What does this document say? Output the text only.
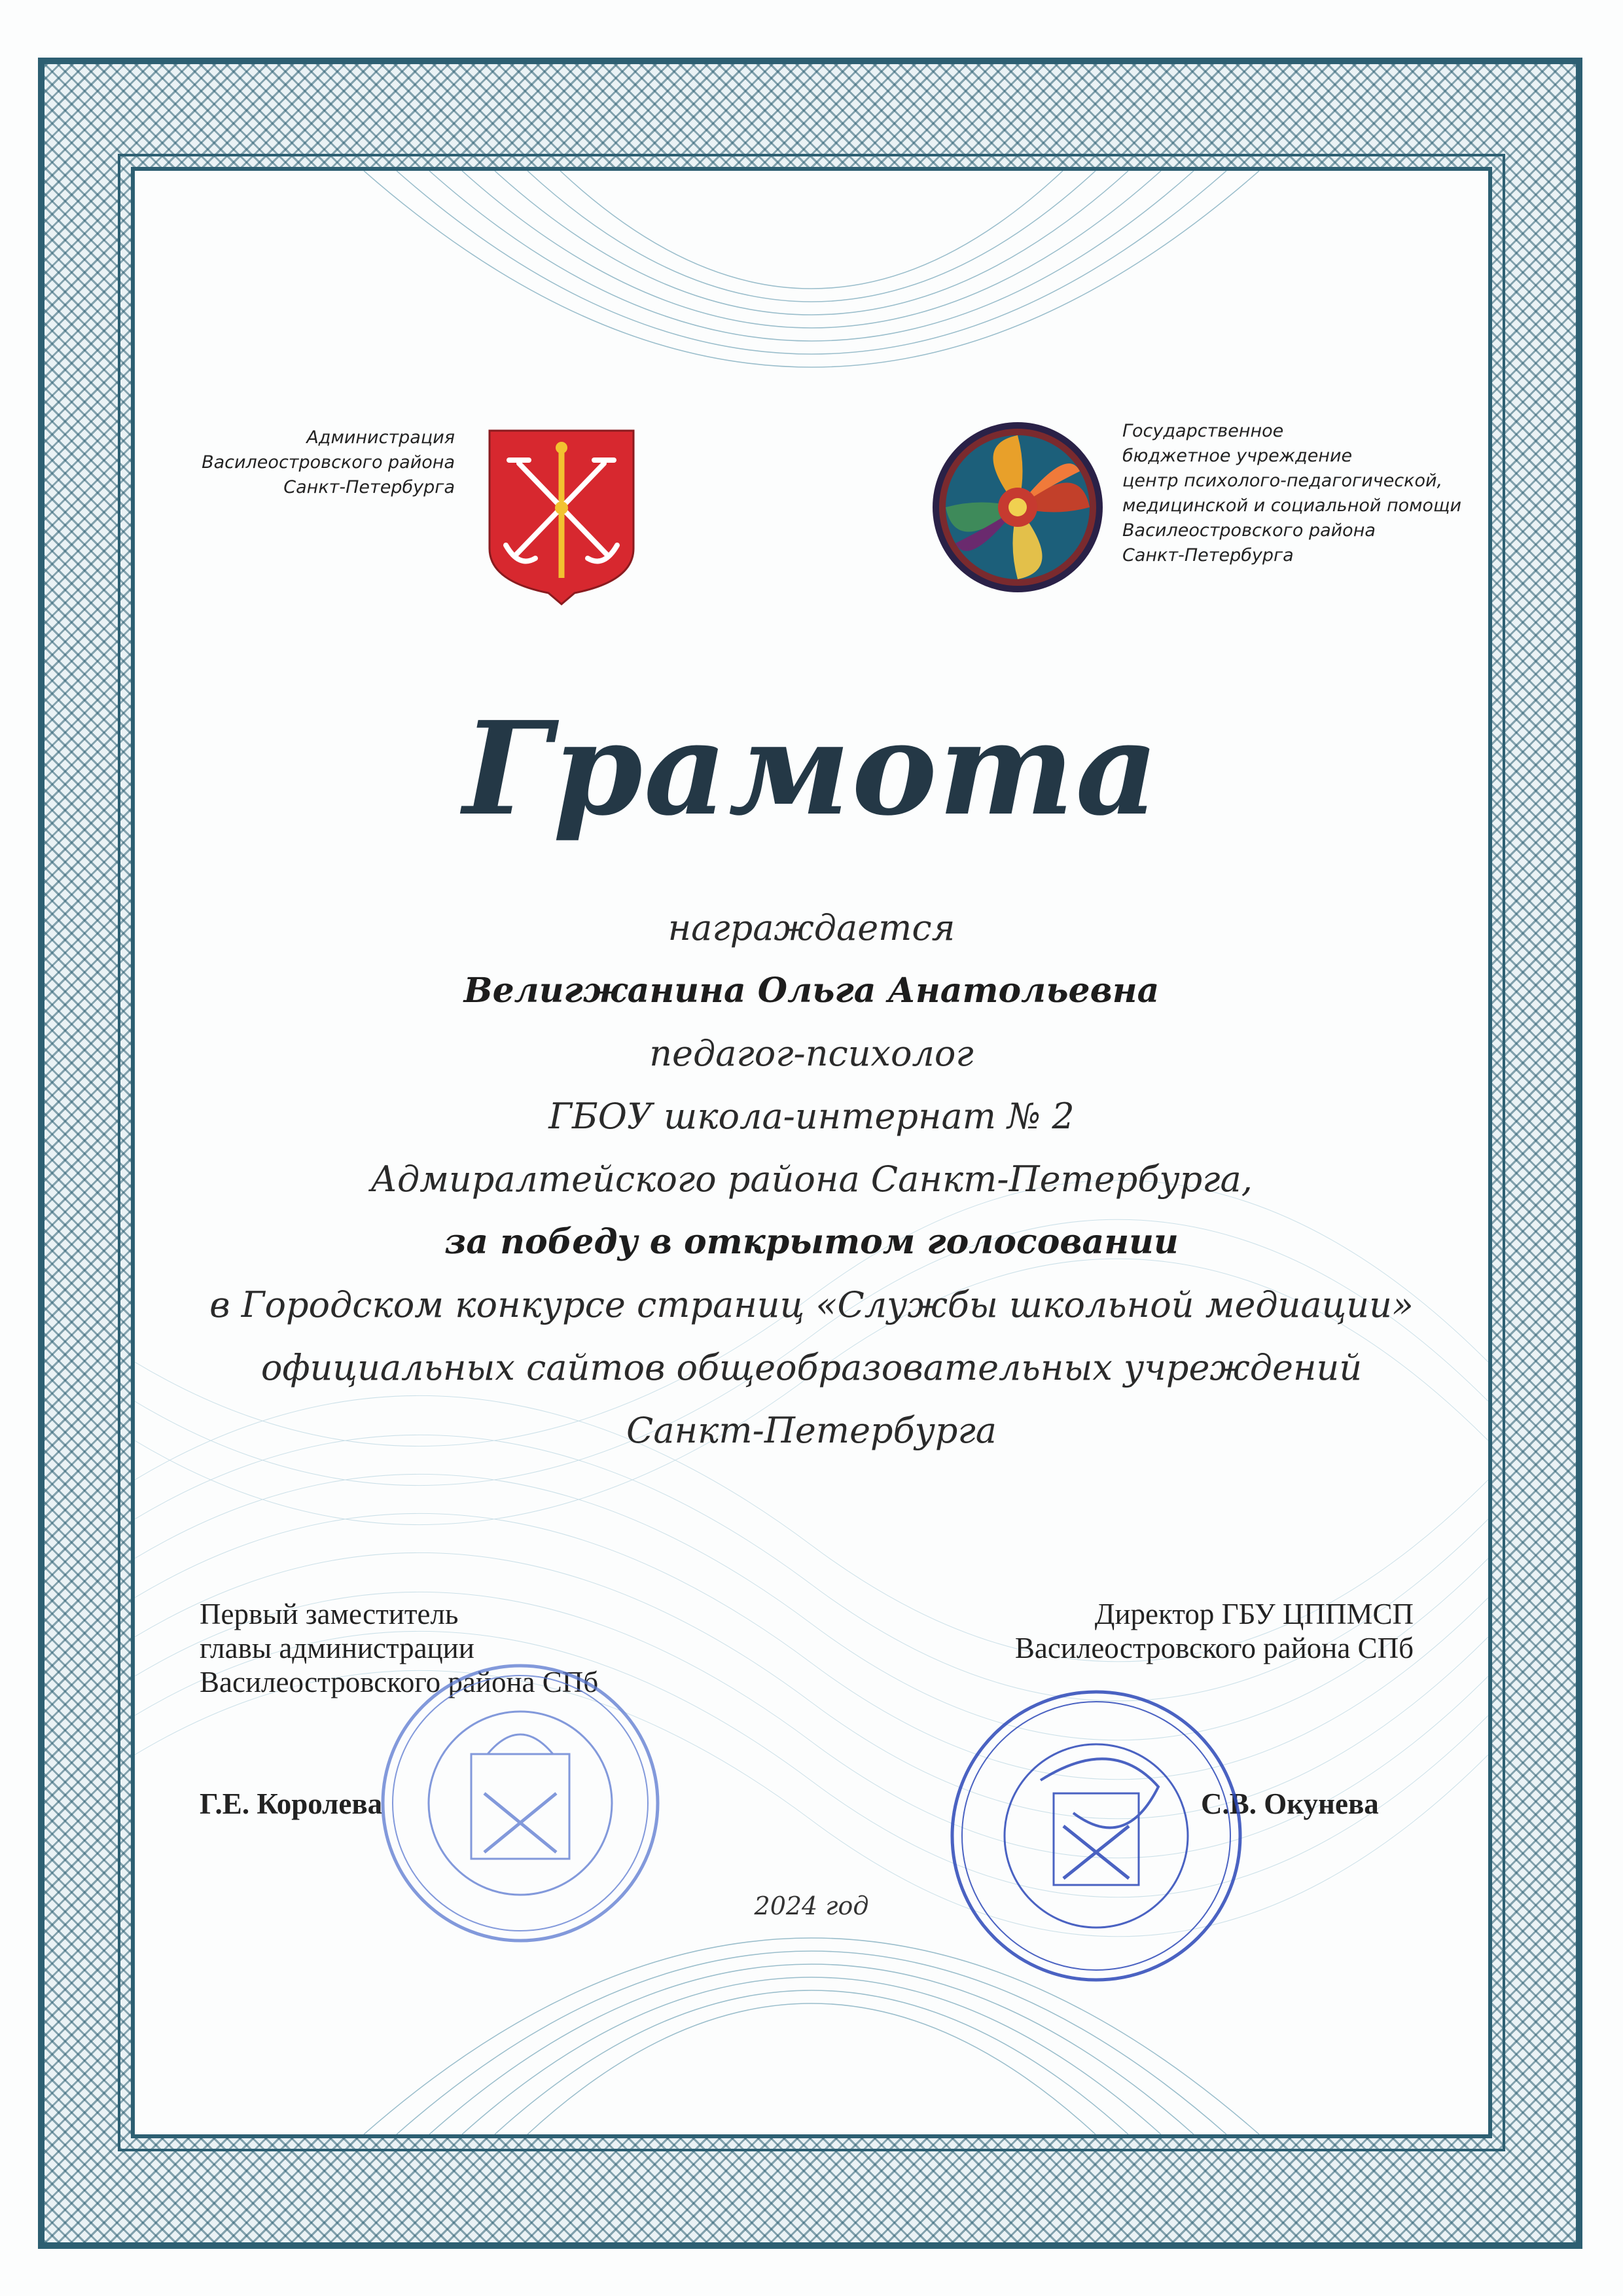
Администрация
Василеостровского района
Санкт-Петербурга
Государственное
бюджетное учреждение
центр психолого-педагогической,
медицинской и социальной помощи
Василеостровского района
Санкт-Петербурга
Грамота
награждается
Велигжанина Ольга Анатольевна
педагог-психолог
ГБОУ школа-интернат № 2
Адмиралтейского района Санкт-Петербурга,
за победу в открытом голосовании
в Городском конкурсе страниц «Службы школьной медиации»
официальных сайтов общеобразовательных учреждений
Санкт-Петербурга
Первый заместитель
главы администрации
Василеостровского района СПб
Г.Е. Королева
Директор ГБУ ЦППМСП
Василеостровского района СПб
С.В. Окунева
2024 год
